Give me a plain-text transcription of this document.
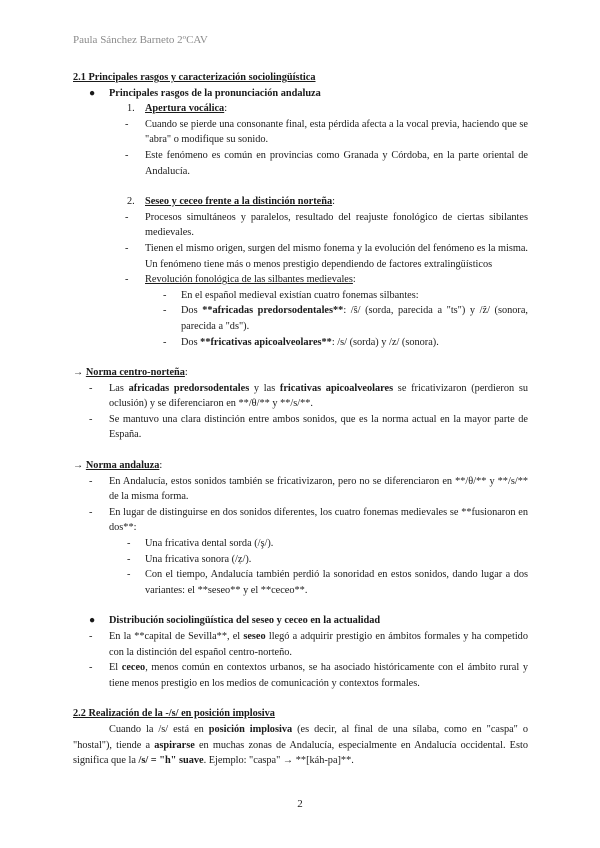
Paula Sánchez Barneto 2ºCAV
2.1 Principales rasgos y caracterización sociolingüística
● Principales rasgos de la pronunciación andaluza
1. Apertura vocálica:
- Cuando se pierde una consonante final, esta pérdida afecta a la vocal previa, haciendo que se "abra" o modifique su sonido.
- Este fenómeno es común en provincias como Granada y Córdoba, en la parte oriental de Andalucía.
2. Seseo y ceceo frente a la distinción norteña:
- Procesos simultáneos y paralelos, resultado del reajuste fonológico de ciertas sibilantes medievales.
- Tienen el mismo origen, surgen del mismo fonema y la evolución del fenómeno es la misma. Un fenómeno tiene más o menos prestigio dependiendo de factores extralingüísticos
- Revolución fonológica de las silbantes medievales:
- En el español medieval existían cuatro fonemas silbantes:
- Dos **africadas predorsodentales**: /ŝ/ (sorda, parecida a "ts") y /ẑ/ (sonora, parecida a "ds").
- Dos **fricativas apicoalveolares**: /s/ (sorda) y /z/ (sonora).
→ Norma centro-norteña:
- Las africadas predorsodentales y las fricativas apicoalveolares se fricativizaron (perdieron su oclusión) y se diferenciaron en **/θ/** y **/s/**.
- Se mantuvo una clara distinción entre ambos sonidos, que es la norma actual en la mayor parte de España.
→ Norma andaluza:
- En Andalucía, estos sonidos también se fricativizaron, pero no se diferenciaron en **/θ/** y **/s/** de la misma forma.
- En lugar de distinguirse en dos sonidos diferentes, los cuatro fonemas medievales se **fusionaron en dos**:
- Una fricativa dental sorda (/ş/).
- Una fricativa sonora (/ẓ/).
- Con el tiempo, Andalucía también perdió la sonoridad en estos sonidos, dando lugar a dos variantes: el **seseo** y el **ceceo**.
● Distribución sociolingüística del seseo y ceceo en la actualidad
- En la **capital de Sevilla**, el seseo llegó a adquirir prestigio en ámbitos formales y ha competido con la distinción del español centro-norteño.
- El ceceo, menos común en contextos urbanos, se ha asociado históricamente con el ámbito rural y tiene menos prestigio en los medios de comunicación y contextos formales.
2.2 Realización de la -/s/ en posición implosiva
Cuando la /s/ está en posición implosiva (es decir, al final de una sílaba, como en "caspa" o "hostal"), tiende a aspirarse en muchas zonas de Andalucía, especialmente en Andalucía occidental. Esto significa que la /s/ = "h" suave. Ejemplo: "caspa" → **[káh-pa]**.
2
